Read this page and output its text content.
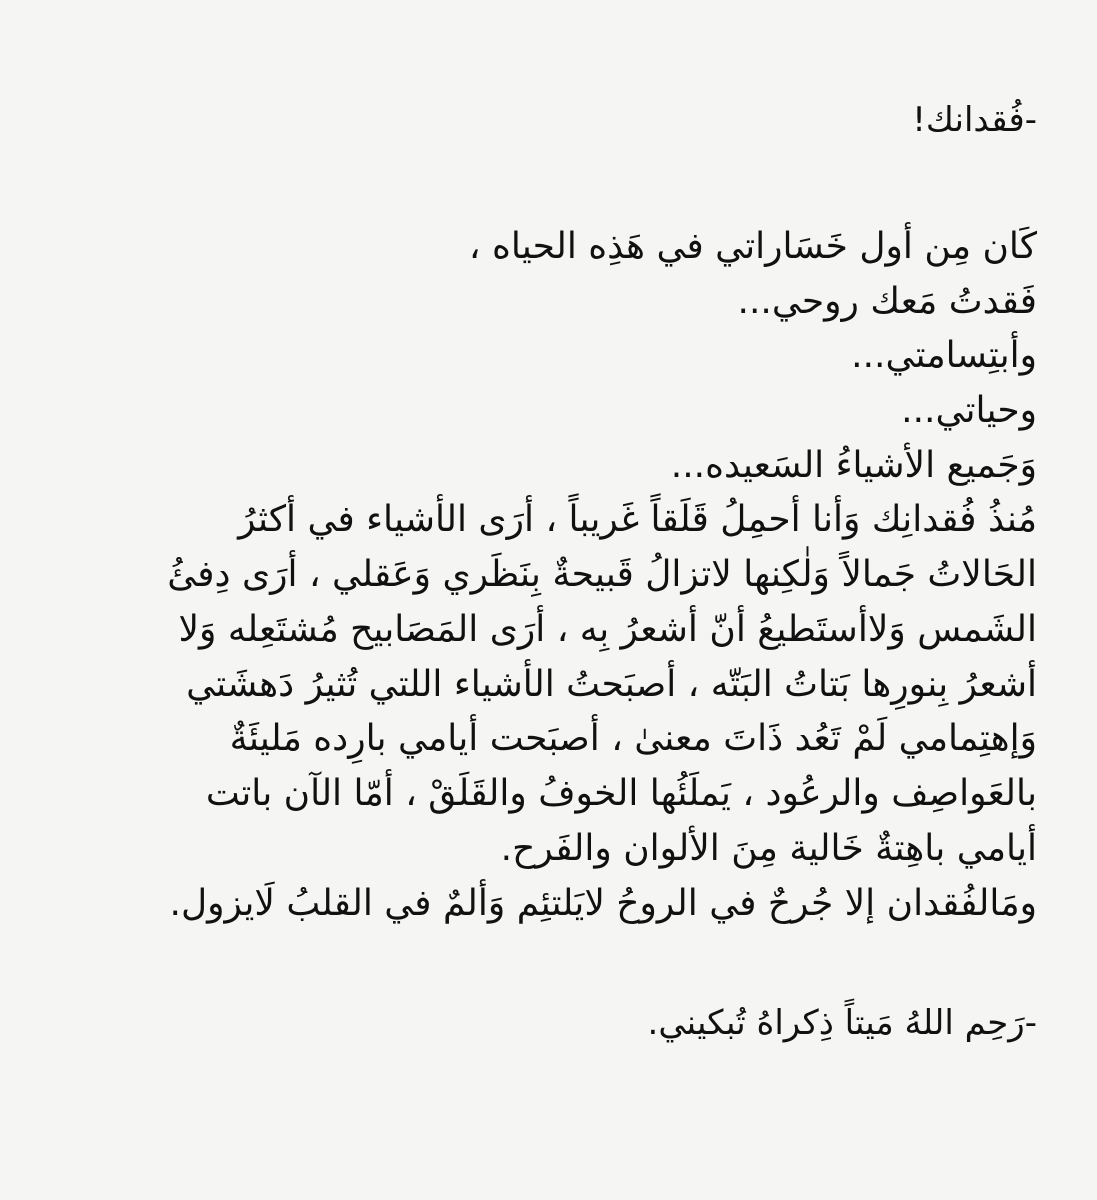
-فُقدانك!
كَان مِن أول خَسَاراتي في هَذِه الحياه ،
فَقدتُ مَعك روحي...
وأبتِسامتي...
وحياتي...
وَجَميع الأشياءُ السَعيده...
مُنذُ فُقدانِك وَأنا أحمِلُ قَلَقاً غَريباً ، أرَى الأشياء في أكثرُ
الحَالاتُ جَمالاً وَلٰكِنها لاتزالُ قَبيحةٌ بِنَظَري وَعَقلي ، أرَى دِفئُ
الشَمس وَلاأستَطيعُ أنّ أشعرُ بِه ، أرَى المَصَابيح مُشتَعِله وَلا
أشعرُ بِنورِها بَتاتُ البَتّه ، أصبَحتُ الأشياء اللتي تُثيرُ دَهشَتي
وَإهتِمامي لَمْ تَعُد ذَاتَ معنىٰ ، أصبَحت أيامي بارِده مَليئَةٌ
بالعَواصِف والرعُود ، يَملَئُها الخوفُ والقَلَقْ ، أمّا الآن باتت
أيامي باهِتةٌ خَالية مِنَ الألوان والفَرح.
ومَالفُقدان إلا جُرحٌ في الروحُ لايَلتئِم وَألمٌ في القلبُ لَايزول.
-رَحِم اللهُ مَيتاً ذِكراهُ تُبكيني.
